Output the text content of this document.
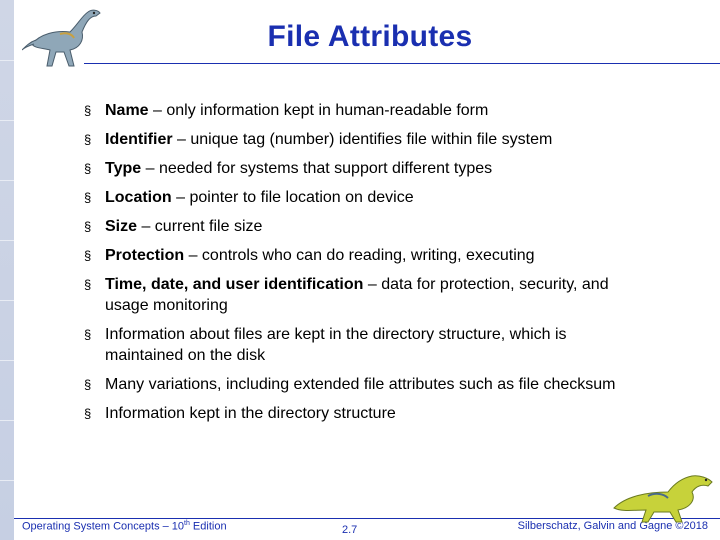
File Attributes
§ Name – only information kept in human-readable form
§ Identifier – unique tag (number) identifies file within file system
§ Type – needed for systems that support different types
§ Location – pointer to file location on device
§ Size – current file size
§ Protection – controls who can do reading, writing, executing
§ Time, date, and user identification – data for protection, security, and usage monitoring
§ Information about files are kept in the directory structure, which is maintained on the disk
§ Many variations, including extended file attributes such as file checksum
§ Information kept in the directory structure
Operating System Concepts – 10th Edition	2.7	Silberschatz, Galvin and Gagne ©2018
